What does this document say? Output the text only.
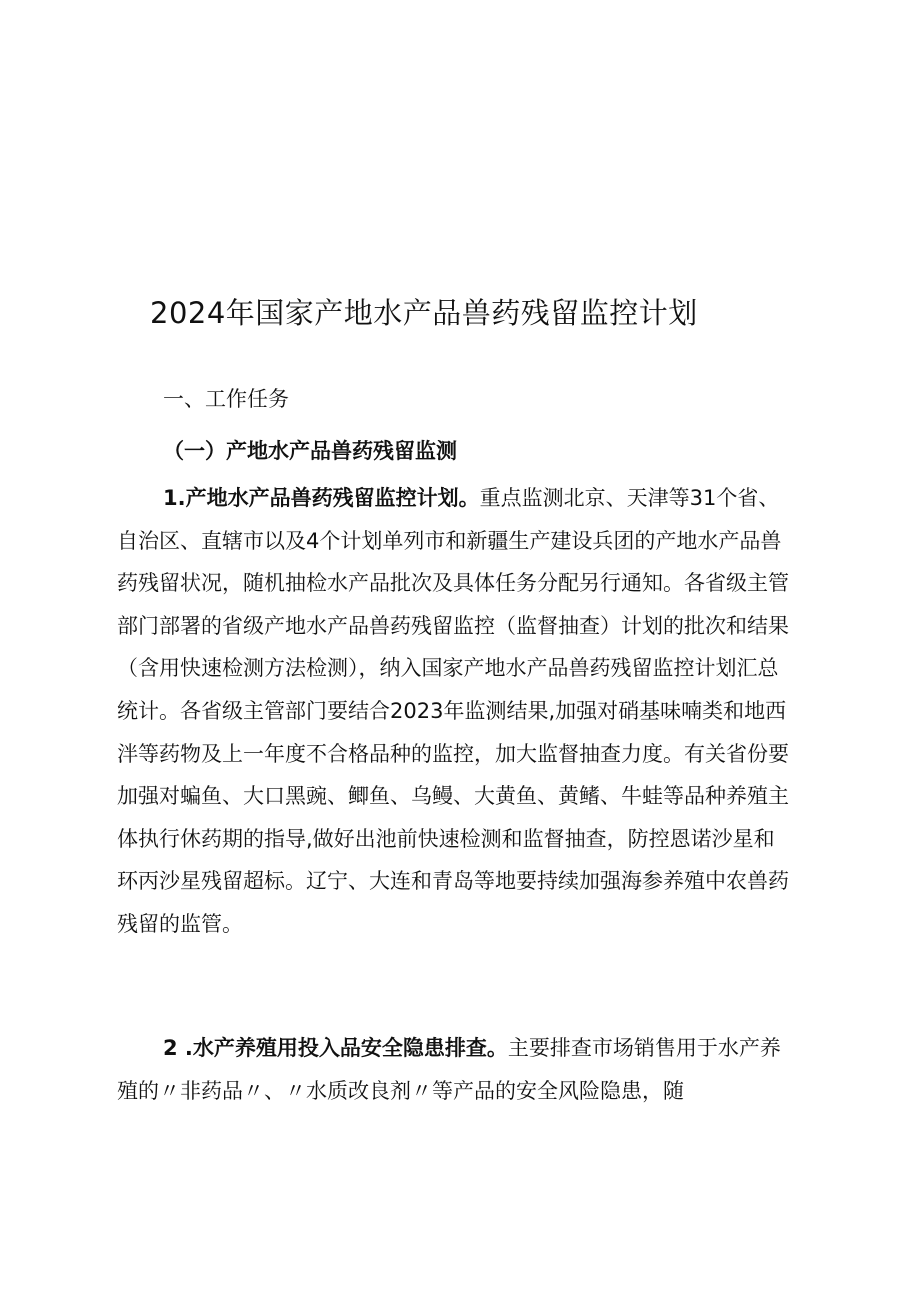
2024年国家产地水产品兽药残留监控计划
一、工作任务
（一）产地水产品兽药残留监测
1.产地水产品兽药残留监控计划。重点监测北京、天津等31个省、
自治区、直辖市以及4个计划单列市和新疆生产建设兵团的产地水产品兽
药残留状况，随机抽检水产品批次及具体任务分配另行通知。各省级主管
部门部署的省级产地水产品兽药残留监控（监督抽查）计划的批次和结果
（含用快速检测方法检测），纳入国家产地水产品兽药残留监控计划汇总
统计。各省级主管部门要结合2023年监测结果,加强对硝基味喃类和地西
泮等药物及上一年度不合格品种的监控，加大监督抽查力度。有关省份要
加强对蝙鱼、大口黑豌、鲫鱼、乌鳗、大黄鱼、黄鳍、牛蛙等品种养殖主
体执行休药期的指导,做好出池前快速检测和监督抽查，防控恩诺沙星和
环丙沙星残留超标。辽宁、大连和青岛等地要持续加强海参养殖中农兽药
残留的监管。
2 .水产养殖用投入品安全隐患排查。主要排查市场销售用于水产养
殖的〃非药品〃、〃水质改良剂〃等产品的安全风险隐患，随
